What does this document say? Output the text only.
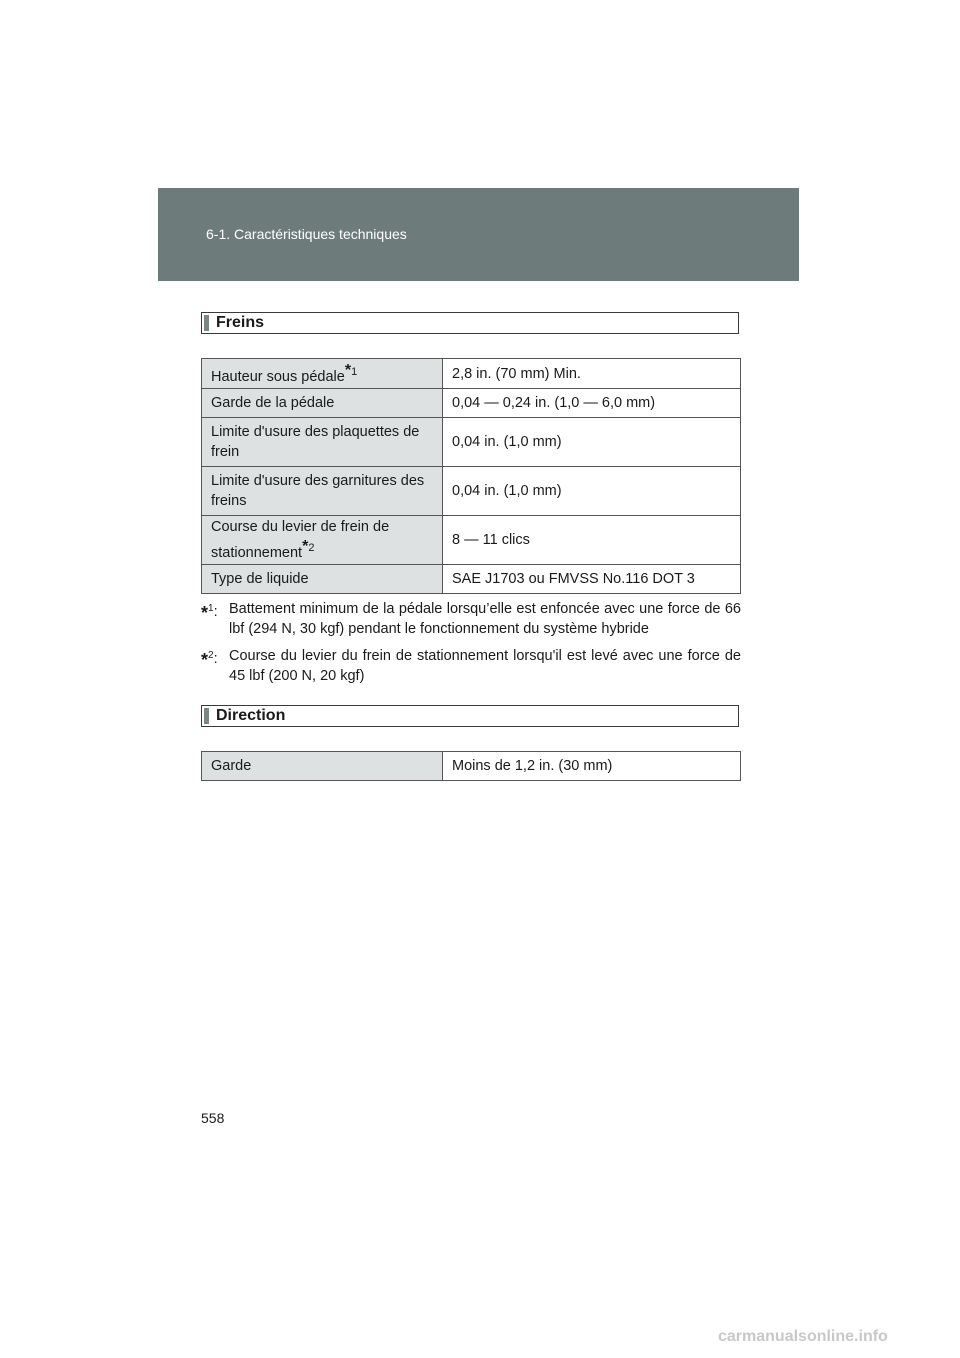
6-1. Caractéristiques techniques
Freins
Hauteur sous pédale$^{*1}$	2,8 in. (70 mm) Min.
Garde de la pédale	0,04 — 0,24 in. (1,0 — 6,0 mm)
Limite d'usure des plaquettes de frein	0,04 in. (1,0 mm)
Limite d'usure des garnitures des freins	0,04 in. (1,0 mm)
Course du levier de frein de stationnement$^{*2}$	8 — 11 clics
Type de liquide	SAE J1703 ou FMVSS No.116 DOT 3
*$^1$: Battement minimum de la pédale lorsqu’elle est enfoncée avec une force de 66 lbf (294 N, 30 kgf) pendant le fonctionnement du système hybride
*$^2$: Course du levier du frein de stationnement lorsqu'il est levé avec une force de 45 lbf (200 N, 20 kgf)
Direction
Garde	Moins de 1,2 in. (30 mm)
558
carmanualsonline.info
